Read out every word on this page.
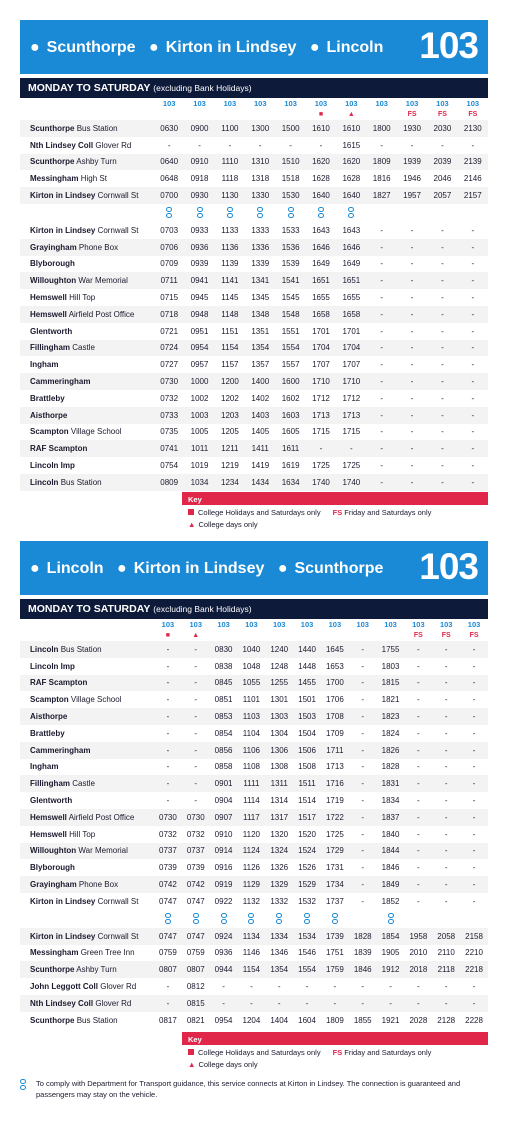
● Scunthorpe ● Kirton in Lindsey ● Lincoln 103
MONDAY TO SATURDAY (excluding Bank Holidays)
	103	103	103	103	103	103	103	103	103	103	103
						■	▲		FS	FS	FS
Scunthorpe Bus Station	0630	0900	1100	1300	1500	1610	1610	1800	1930	2030	2130
Nth Lindsey Coll Glover Rd	-	-	-	-	-	-	1615	-	-	-	-
Scunthorpe Ashby Turn	0640	0910	1110	1310	1510	1620	1620	1809	1939	2039	2139
Messingham High St	0648	0918	1118	1318	1518	1628	1628	1816	1946	2046	2146
Kirton in Lindsey Cornwall St	0700	0930	1130	1330	1530	1640	1640	1827	1957	2057	2157

Kirton in Lindsey Cornwall St	0703	0933	1133	1333	1533	1643	1643	-	-	-	-
Grayingham Phone Box	0706	0936	1136	1336	1536	1646	1646	-	-	-	-
Blyborough	0709	0939	1139	1339	1539	1649	1649	-	-	-	-
Willoughton War Memorial	0711	0941	1141	1341	1541	1651	1651	-	-	-	-
Hemswell Hill Top	0715	0945	1145	1345	1545	1655	1655	-	-	-	-
Hemswell Airfield Post Office	0718	0948	1148	1348	1548	1658	1658	-	-	-	-
Glentworth	0721	0951	1151	1351	1551	1701	1701	-	-	-	-
Fillingham Castle	0724	0954	1154	1354	1554	1704	1704	-	-	-	-
Ingham	0727	0957	1157	1357	1557	1707	1707	-	-	-	-
Cammeringham	0730	1000	1200	1400	1600	1710	1710	-	-	-	-
Brattleby	0732	1002	1202	1402	1602	1712	1712	-	-	-	-
Aisthorpe	0733	1003	1203	1403	1603	1713	1713	-	-	-	-
Scampton Village School	0735	1005	1205	1405	1605	1715	1715	-	-	-	-
RAF Scampton	0741	1011	1211	1411	1611	-	-	-	-	-	-
Lincoln Imp	0754	1019	1219	1419	1619	1725	1725	-	-	-	-
Lincoln Bus Station	0809	1034	1234	1434	1634	1740	1740	-	-	-	-
Key
College Holidays and Saturdays only FS Friday and Saturdays only
▲ College days only
● Lincoln ● Kirton in Lindsey ● Scunthorpe 103
MONDAY TO SATURDAY (excluding Bank Holidays)
	103	103	103	103	103	103	103	103	103	103	103	103
	■	▲								FS	FS	FS
Lincoln Bus Station	-	-	0830	1040	1240	1440	1645	-	1755	-	-	-
Lincoln Imp	-	-	0838	1048	1248	1448	1653	-	1803	-	-	-
RAF Scampton	-	-	0845	1055	1255	1455	1700	-	1815	-	-	-
Scampton Village School	-	-	0851	1101	1301	1501	1706	-	1821	-	-	-
Aisthorpe	-	-	0853	1103	1303	1503	1708	-	1823	-	-	-
Brattleby	-	-	0854	1104	1304	1504	1709	-	1824	-	-	-
Cammeringham	-	-	0856	1106	1306	1506	1711	-	1826	-	-	-
Ingham	-	-	0858	1108	1308	1508	1713	-	1828	-	-	-
Fillingham Castle	-	-	0901	1111	1311	1511	1716	-	1831	-	-	-
Glentworth	-	-	0904	1114	1314	1514	1719	-	1834	-	-	-
Hemswell Airfield Post Office	0730	0730	0907	1117	1317	1517	1722	-	1837	-	-	-
Hemswell Hill Top	0732	0732	0910	1120	1320	1520	1725	-	1840	-	-	-
Willoughton War Memorial	0737	0737	0914	1124	1324	1524	1729	-	1844	-	-	-
Blyborough	0739	0739	0916	1126	1326	1526	1731	-	1846	-	-	-
Grayingham Phone Box	0742	0742	0919	1129	1329	1529	1734	-	1849	-	-	-
Kirton in Lindsey Cornwall St	0747	0747	0922	1132	1332	1532	1737	-	1852	-	-	-

Kirton in Lindsey Cornwall St	0747	0747	0924	1134	1334	1534	1739	1828	1854	1958	2058	2158
Messingham Green Tree Inn	0759	0759	0936	1146	1346	1546	1751	1839	1905	2010	2110	2210
Scunthorpe Ashby Turn	0807	0807	0944	1154	1354	1554	1759	1846	1912	2018	2118	2218
John Leggott Coll Glover Rd	-	0812	-	-	-	-	-	-	-	-	-	-
Nth Lindsey Coll Glover Rd	-	0815	-	-	-	-	-	-	-	-	-	-
Scunthorpe Bus Station	0817	0821	0954	1204	1404	1604	1809	1855	1921	2028	2128	2228
Key
College Holidays and Saturdays only FS Friday and Saturdays only
▲ College days only
To comply with Department for Transport guidance, this service connects at Kirton in Lindsey. The connection is guaranteed and passengers may stay on the vehicle.
